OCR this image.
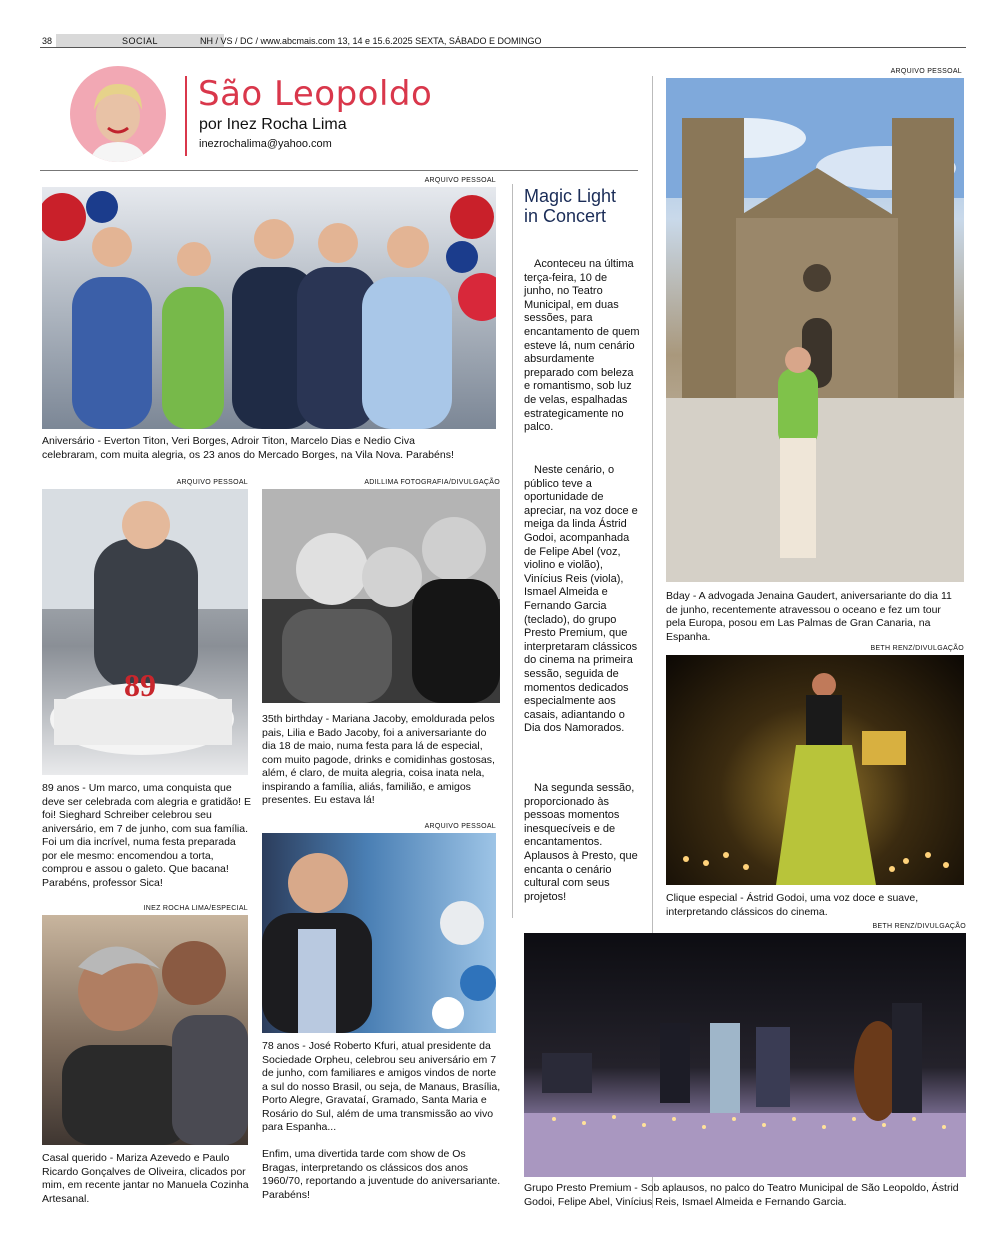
38	SOCIAL	NH / VS / DC / www.abcmais.com 13, 14 e 15.6.2025 SEXTA, SÁBADO E DOMINGO
São Leopoldo
por Inez Rocha Lima
inezrochalima@yahoo.com
ARQUIVO PESSOAL
Aniversário - Everton Titon, Veri Borges, Adroir Titon, Marcelo Dias e Nedio Civa
celebraram, com muita alegria, os 23 anos do Mercado Borges, na Vila Nova. Parabéns!
ARQUIVO PESSOAL
89
89 anos - Um marco, uma conquista que deve ser celebrada com alegria e gratidão! E foi! Sieghard Schreiber celebrou seu aniversário, em 7 de junho, com sua família. Foi um dia incrível, numa festa preparada por ele mesmo: encomendou a torta, comprou e assou o galeto. Que bacana! Parabéns, professor Sica!
ADILLIMA FOTOGRAFIA/DIVULGAÇÃO
35th birthday - Mariana Jacoby, emoldurada pelos pais, Lilia e Bado Jacoby, foi a aniversariante do dia 18 de maio, numa festa para lá de especial, com muito pagode, drinks e comidinhas gostosas, além, é claro, de muita alegria, coisa inata nela, inspirando a família, aliás, familião, e amigos presentes. Eu estava lá!
INEZ ROCHA LIMA/ESPECIAL
Casal querido - Mariza Azevedo e Paulo Ricardo Gonçalves de Oliveira, clicados por mim, em recente jantar no Manuela Cozinha Artesanal.
ARQUIVO PESSOAL
78 anos - José Roberto Kfuri, atual presidente da Sociedade Orpheu, celebrou seu aniversário em 7 de junho, com familiares e amigos vindos de norte a sul do nosso Brasil, ou seja, de Manaus, Brasília, Porto Alegre, Gravataí, Gramado, Santa Maria e Rosário do Sul, além de uma transmissão ao vivo para Espanha...
Enfim, uma divertida tarde com show de Os Bragas, interpretando os clássicos dos anos 1960/70, reportando a juventude do aniversariante. Parabéns!
Magic Light in Concert
Aconteceu na última terça-feira, 10 de junho, no Teatro Municipal, em duas sessões, para encantamento de quem esteve lá, num cenário absurdamente preparado com beleza e romantismo, sob luz de velas, espalhadas estrategicamente no palco.
Neste cenário, o público teve a oportunidade de apreciar, na voz doce e meiga da linda Ástrid Godoi, acompanhada de Felipe Abel (voz, violino e violão), Vinícius Reis (viola), Ismael Almeida e Fernando Garcia (teclado), do grupo Presto Premium, que interpretaram clássicos do cinema na primeira sessão, seguida de momentos dedicados especialmente aos casais, adiantando o Dia dos Namorados.
Na segunda sessão, proporcionado às pessoas momentos inesquecíveis e de encantamentos. Aplausos à Presto, que encanta o cenário cultural com seus projetos!
ARQUIVO PESSOAL
Bday - A advogada Jenaina Gaudert, aniversariante do dia 11 de junho, recentemente atravessou o oceano e fez um tour pela Europa, posou em Las Palmas de Gran Canaria, na Espanha.
BETH RENZ/DIVULGAÇÃO
Clique especial - Ástrid Godoi, uma voz doce e suave, interpretando clássicos do cinema.
BETH RENZ/DIVULGAÇÃO
Grupo Presto Premium - Sob aplausos, no palco do Teatro Municipal de São Leopoldo, Ástrid Godoi, Felipe Abel, Vinícius Reis, Ismael Almeida e Fernando Garcia.
